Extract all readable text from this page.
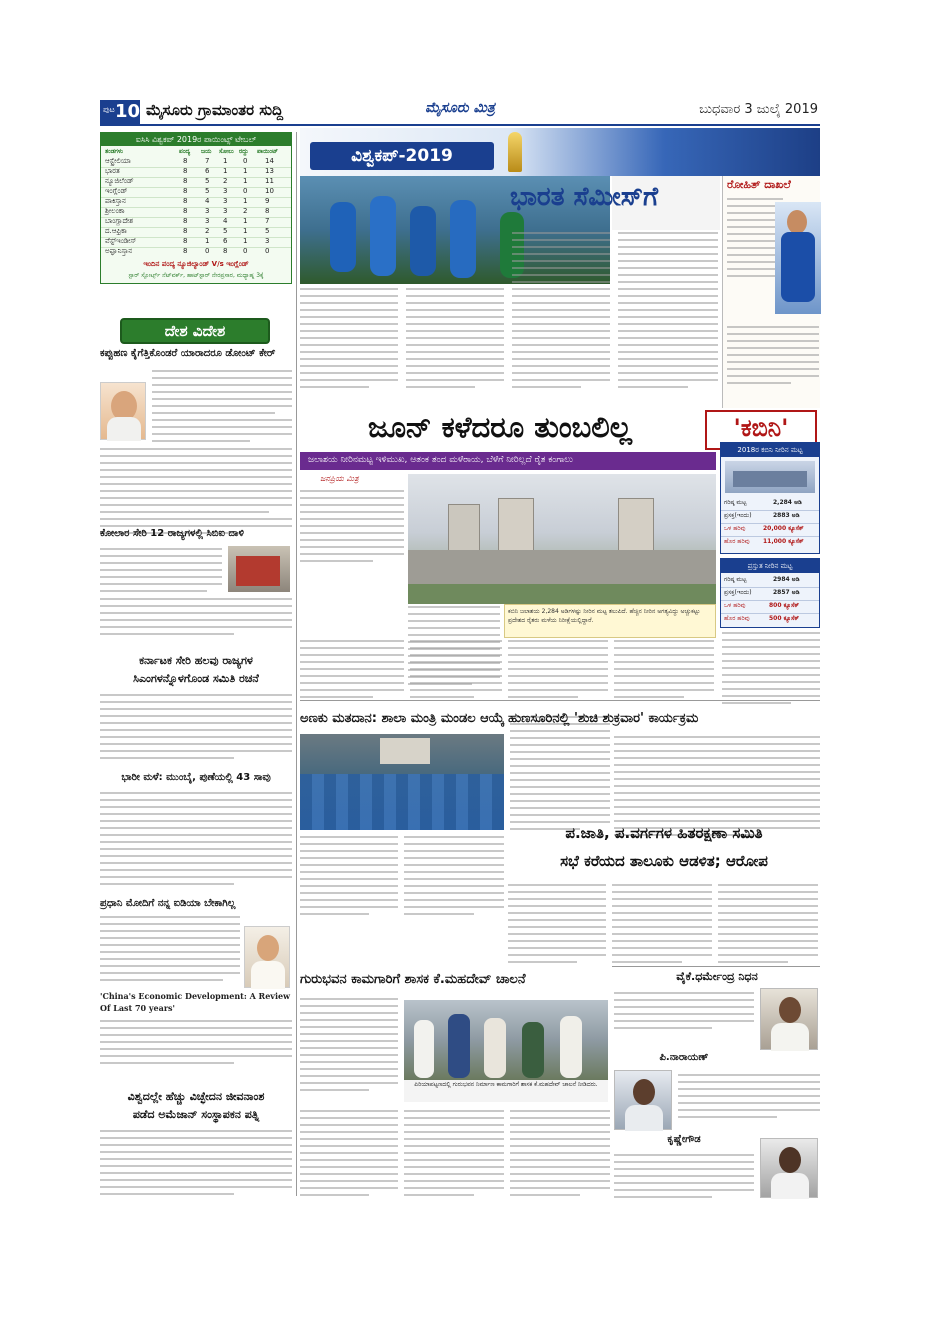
ಪುಟ 10 ಮೈಸೂರು ಗ್ರಾಮಾಂತರ ಸುದ್ದಿ	ಮೈಸೂರು ಮಿತ್ರ	ಬುಧವಾರ 3 ಜುಲೈ 2019
ಐಸಿಸಿ ವಿಶ್ವಕಪ್ 2019ರ ಪಾಯಿಂಟ್ಸ್ ಟೇಬಲ್
ತಂಡಗಳು	ಪಂದ್ಯ ಜಯ ಸೋಲು ರದ್ದು ಪಾಯಿಂಟ್
ಆಸ್ಟ್ರೇಲಿಯಾ	8	7 1 0	14
ಭಾರತ	8	6 1 1	13
ನ್ಯೂಜಿಲೆಂಡ್	8	5 2 1	11
ಇಂಗ್ಲೆಂಡ್	8	5 3 0	10
ಪಾಕಿಸ್ತಾನ	8	4 3 1	9
ಶ್ರೀಲಂಕಾ	8	3 3 2	8
ಬಾಂಗ್ಲಾದೇಶ	8	3 4 1	7
ದ.ಆಫ್ರಿಕಾ	8	2 5 1	5
ವೆಸ್ಟ್‌ಇಂಡೀಸ್	8	1 6 1	3
ಅಫ್ಘಾನಿಸ್ತಾನ	8	0 8 0	0
ಇಂದಿನ ಪಂದ್ಯ ನ್ಯೂಜಿಲ್ಯಾಂಡ್ V/s ಇಂಗ್ಲೆಂಡ್
ಸ್ಟಾರ್ ಸ್ಪೋರ್ಟ್ಸ್ ನೆಟ್‌ವರ್ಕ್, ಹಾಟ್‌ಸ್ಟಾರ್ ನೇರಪ್ರಸಾರ, ಮಧ್ಯಾಹ್ನ 3ಕ್ಕೆ
ದೇಶ ವಿದೇಶ
ಕಪ್ಪುಹಣ ಕೈಗೆತ್ತಿಕೊಂಡರೆ ಯಾರಾದರೂ ಡೋಂಟ್ ಕೇರ್
ಕೋಲಾರ ಸೇರಿ 12 ರಾಜ್ಯಗಳಲ್ಲಿ ಸಿಬಿಐ ದಾಳಿ
ಕರ್ನಾಟಕ ಸೇರಿ ಹಲವು ರಾಜ್ಯಗಳ
ಸಿಎಂಗಳನ್ನೊಳಗೊಂಡ ಸಮಿತಿ ರಚನೆ
ಭಾರೀ ಮಳೆ: ಮುಂಬೈ, ಪುಣೆಯಲ್ಲಿ 43 ಸಾವು
ಪ್ರಧಾನಿ ಮೋದಿಗೆ ನನ್ನ ಐಡಿಯಾ ಬೇಕಾಗಿಲ್ಲ
'China's Economic Development: A Review Of Last 70 years'
ವಿಶ್ವದಲ್ಲೇ ಹೆಚ್ಚು ವಿಚ್ಛೇದನ ಜೀವನಾಂಶ
ಪಡೆದ ಅಮೆಜಾನ್ ಸಂಸ್ಥಾಪಕನ ಪತ್ನಿ
ವಿಶ್ವಕಪ್-2019
ಭಾರತ ಸೆಮೀಸ್‌ಗೆ	ರೋಹಿತ್ ದಾಖಲೆ
ಜೂನ್ ಕಳೆದರೂ ತುಂಬಲಿಲ್ಲ	'ಕಬಿನಿ'
ಜಲಾಶಯ ನೀರಿನಮಟ್ಟ ಇಳಿಮುಖ, ಆತಂಕ ತಂದ ಮಳೆರಾಯ, ಬೆಳೆಗೆ ನೀರಿಲ್ಲದೆ ರೈತ ಕಂಗಾಲು
ಜನಪ್ರಿಯ ಮಿತ್ರ
ಕಬಿನಿ ಜಲಾಶಯ 2,284 ಅಡಿಗಳಷ್ಟು ನೀರಿನ ಮಟ್ಟ ತಲುಪಿದೆ. ಹೆಚ್ಚಿನ ನೀರಿನ ಅಗತ್ಯವಿದ್ದು ಅಚ್ಚುಕಟ್ಟು ಪ್ರದೇಶದ ರೈತರು ಮಳೆಯ ನಿರೀಕ್ಷೆಯಲ್ಲಿದ್ದಾರೆ.
2018ರ ಕಬಿನಿ ನೀರಿನ ಮಟ್ಟ
ಗರಿಷ್ಠ ಮಟ್ಟ	2,284 ಅಡಿ
ಪ್ರಸಕ್ತ(ಇಂದು)	2883 ಅಡಿ
ಒಳ ಹರಿವು	20,000 ಕ್ಯೂಸೆಕ್
ಹೊರ ಹರಿವು 11,000 ಕ್ಯೂಸೆಕ್
ಪ್ರಸ್ತುತ ನೀರಿನ ಮಟ್ಟ
ಗರಿಷ್ಠ ಮಟ್ಟ	2984 ಅಡಿ
ಪ್ರಸಕ್ತ(ಇಂದು)	2857 ಅಡಿ
ಒಳ ಹರಿವು	800 ಕ್ಯೂಸೆಕ್
ಹೊರ ಹರಿವು	500 ಕ್ಯೂಸೆಕ್
ಅಣಕು ಮತದಾನ: ಶಾಲಾ ಮಂತ್ರಿ ಮಂಡಲ ಆಯ್ಕೆ ಹುಣಸೂರಿನಲ್ಲಿ 'ಶುಚಿ ಶುಕ್ರವಾರ' ಕಾರ್ಯಕ್ರಮ
ಪ.ಜಾತಿ, ಪ.ವರ್ಗಗಳ ಹಿತರಕ್ಷಣಾ ಸಮಿತಿ
ಸಭೆ ಕರೆಯದ ತಾಲೂಕು ಆಡಳಿತ; ಆರೋಪ
ಗುರುಭವನ ಕಾಮಗಾರಿಗೆ ಶಾಸಕ ಕೆ.ಮಹದೇವ್ ಚಾಲನೆ
ಪಿರಿಯಾಪಟ್ಟಣದಲ್ಲಿ ಗುರುಭವನ ನಿರ್ಮಾಣ ಕಾಮಗಾರಿಗೆ ಶಾಸಕ ಕೆ.ಮಹದೇವ್ ಚಾಲನೆ ನೀಡಿದರು.
ವೈಕೆ.ಧರ್ಮೇಂದ್ರ ನಿಧನ
ಪಿ.ನಾರಾಯಣ್
ಕೃಷ್ಣೇಗೌಡ
